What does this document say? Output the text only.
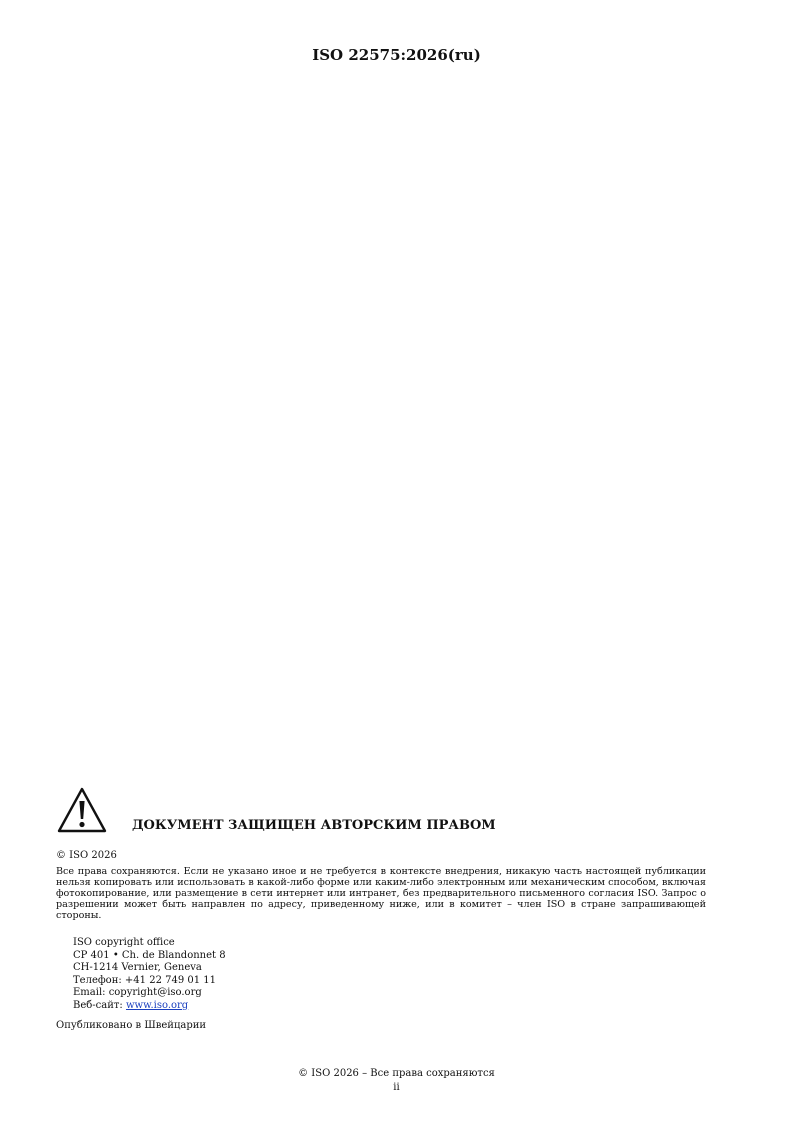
ISO 22575:2026(ru)
ДОКУМЕНТ ЗАЩИЩЕН АВТОРСКИМ ПРАВОМ
© ISO 2026
Все права сохраняются. Если не указано иное и не требуется в контексте внедрения, никакую часть настоящей публикации нельзя копировать или использовать в какой-либо форме или каким-либо электронным или механическим способом, включая фотокопирование, или размещение в сети интернет или интранет, без предварительного письменного согласия ISO. Запрос о разрешении может быть направлен по адресу, приведенному ниже, или в комитет – член ISO в стране запрашивающей стороны.
ISO copyright office
CP 401 • Ch. de Blandonnet 8
CH-1214 Vernier, Geneva
Телефон: +41 22 749 01 11
Email: copyright@iso.org
Веб-сайт: www.iso.org
Опубликовано в Швейцарии
© ISO 2026 – Все права сохраняются
ii
